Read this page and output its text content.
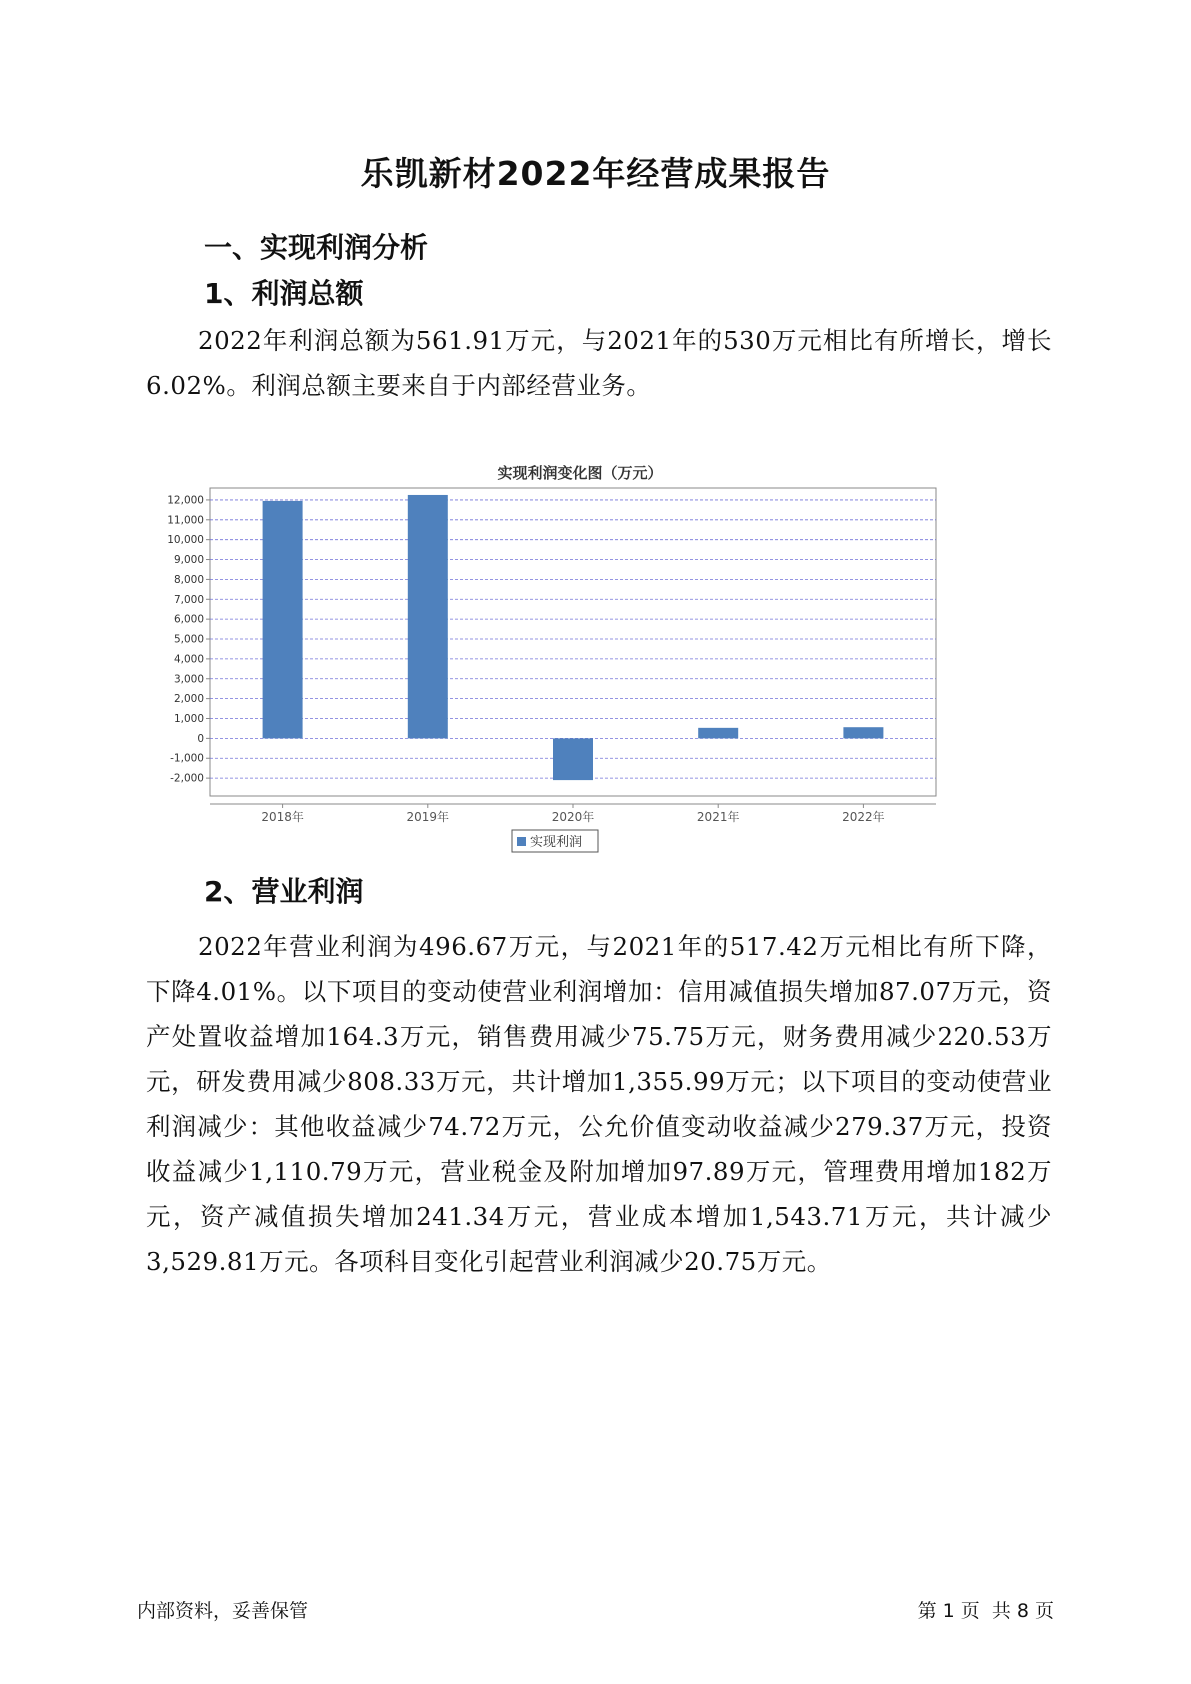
乐凯新材2022年经营成果报告
一、实现利润分析
1、利润总额

2022年利润总额为561.91万元，与2021年的530万元相比有所增长，增长6.02%。利润总额主要来自于内部经营业务。

实现利润变化图（万元）
-2,000
-1,000
0
1,000
2,000
3,000
4,000
5,000
6,000
7,000
8,000
9,000
10,000
11,000
12,000
2018年	2019年	2020年	2021年	2022年
实现利润
2、营业利润

2022年营业利润为496.67万元，与2021年的517.42万元相比有所下降，下降4.01%。以下项目的变动使营业利润增加：信用减值损失增加87.07万元，资产处置收益增加164.3万元，销售费用减少75.75万元，财务费用减少220.53万元，研发费用减少808.33万元，共计增加1,355.99万元；以下项目的变动使营业利润减少：其他收益减少74.72万元，公允价值变动收益减少279.37万元，投资收益减少1,110.79万元，营业税金及附加增加97.89万元，管理费用增加182万元，资产减值损失增加241.34万元，营业成本增加1,543.71万元，共计减少3,529.81万元。各项科目变化引起营业利润减少20.75万元。

内部资料，妥善保管	第 1 页  共 8 页
